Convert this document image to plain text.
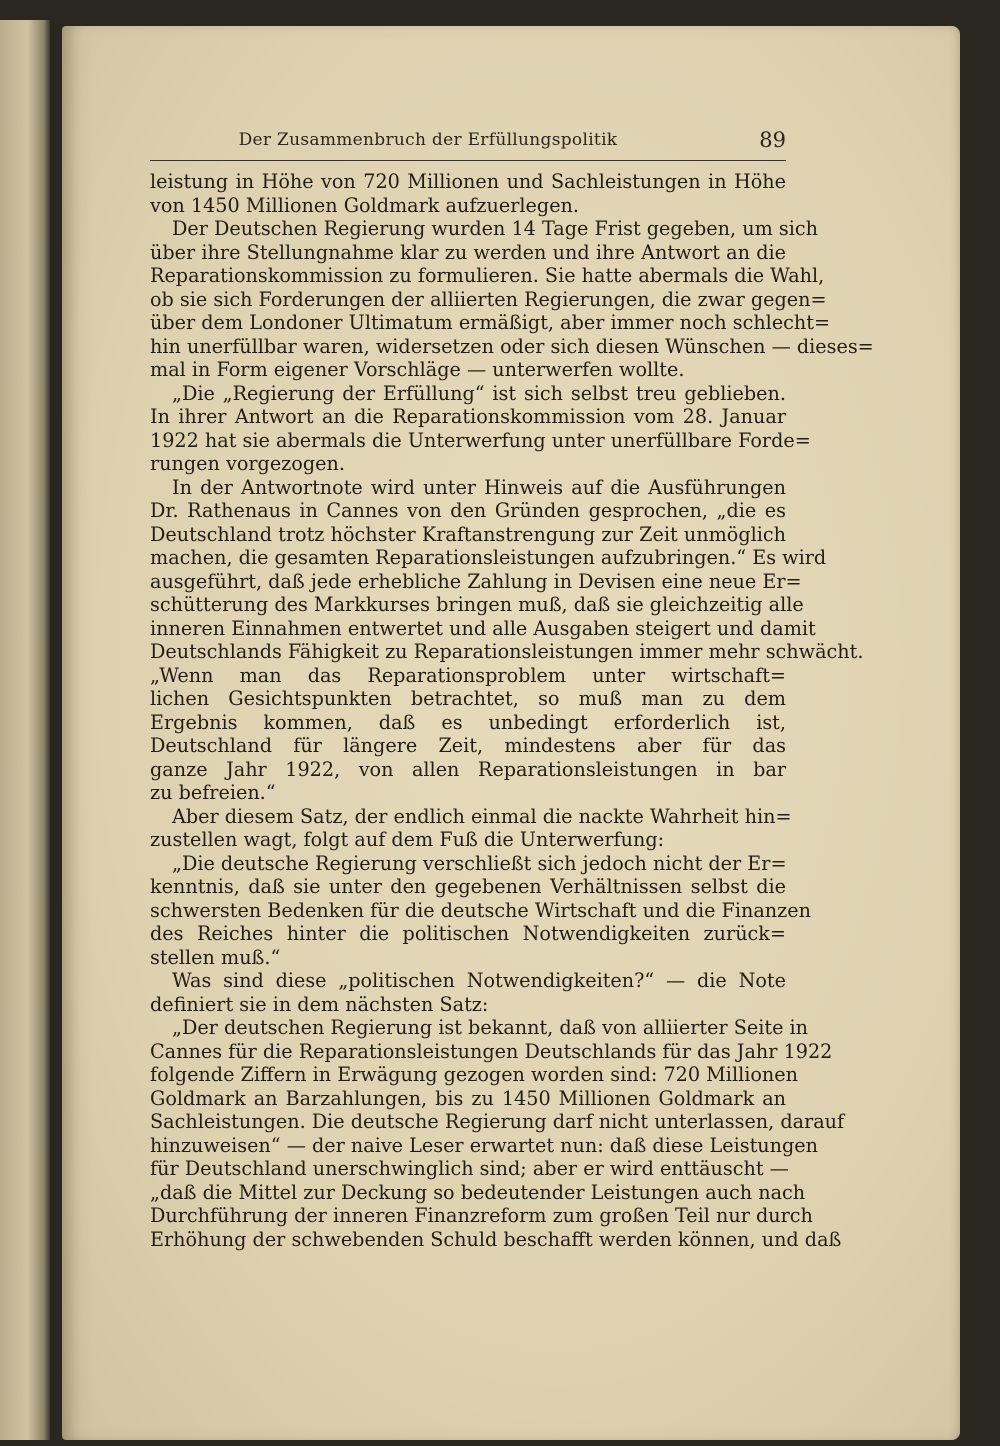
Der Zusammenbruch der Erfüllungspolitik	89
leistung in Höhe von 720 Millionen und Sachleistungen in Höhe
von 1450 Millionen Goldmark aufzuerlegen.
Der Deutschen Regierung wurden 14 Tage Frist gegeben, um sich
über ihre Stellungnahme klar zu werden und ihre Antwort an die
Reparationskommission zu formulieren. Sie hatte abermals die Wahl,
ob sie sich Forderungen der alliierten Regierungen, die zwar gegen=
über dem Londoner Ultimatum ermäßigt, aber immer noch schlecht=
hin unerfüllbar waren, widersetzen oder sich diesen Wünschen — dieses=
mal in Form eigener Vorschläge — unterwerfen wollte.
„Die „Regierung der Erfüllung“ ist sich selbst treu geblieben.
In ihrer Antwort an die Reparationskommission vom 28. Januar
1922 hat sie abermals die Unterwerfung unter unerfüllbare Forde=
rungen vorgezogen.
In der Antwortnote wird unter Hinweis auf die Ausführungen
Dr. Rathenaus in Cannes von den Gründen gesprochen, „die es
Deutschland trotz höchster Kraftanstrengung zur Zeit unmöglich
machen, die gesamten Reparationsleistungen aufzubringen.“ Es wird
ausgeführt, daß jede erhebliche Zahlung in Devisen eine neue Er=
schütterung des Markkurses bringen muß, daß sie gleichzeitig alle
inneren Einnahmen entwertet und alle Ausgaben steigert und damit
Deutschlands Fähigkeit zu Reparationsleistungen immer mehr schwächt.
„Wenn man das Reparationsproblem unter wirtschaft=
lichen Gesichtspunkten betrachtet, so muß man zu dem
Ergebnis kommen, daß es unbedingt erforderlich ist,
Deutschland für längere Zeit, mindestens aber für das
ganze Jahr 1922, von allen Reparationsleistungen in bar
zu befreien.“
Aber diesem Satz, der endlich einmal die nackte Wahrheit hin=
zustellen wagt, folgt auf dem Fuß die Unterwerfung:
„Die deutsche Regierung verschließt sich jedoch nicht der Er=
kenntnis, daß sie unter den gegebenen Verhältnissen selbst die
schwersten Bedenken für die deutsche Wirtschaft und die Finanzen
des Reiches hinter die politischen Notwendigkeiten zurück=
stellen muß.“
Was sind diese „politischen Notwendigkeiten?“ — die Note
definiert sie in dem nächsten Satz:
„Der deutschen Regierung ist bekannt, daß von alliierter Seite in
Cannes für die Reparationsleistungen Deutschlands für das Jahr 1922
folgende Ziffern in Erwägung gezogen worden sind: 720 Millionen
Goldmark an Barzahlungen, bis zu 1450 Millionen Goldmark an
Sachleistungen. Die deutsche Regierung darf nicht unterlassen, darauf
hinzuweisen“ — der naive Leser erwartet nun: daß diese Leistungen
für Deutschland unerschwinglich sind; aber er wird enttäuscht —
„daß die Mittel zur Deckung so bedeutender Leistungen auch nach
Durchführung der inneren Finanzreform zum großen Teil nur durch
Erhöhung der schwebenden Schuld beschafft werden können, und daß
